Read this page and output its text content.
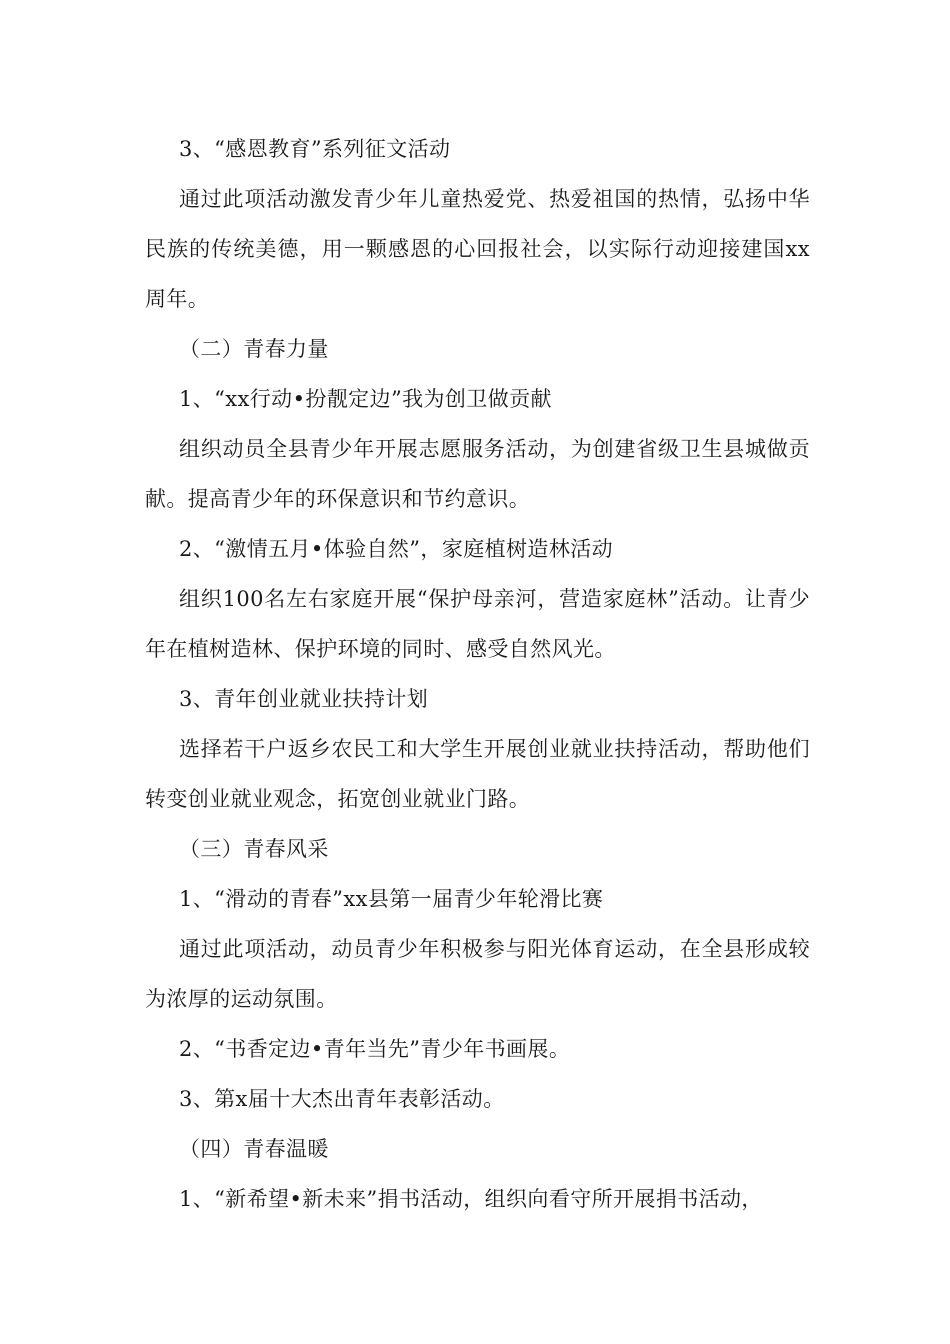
3、“感恩教育”系列征文活动

通过此项活动激发青少年儿童热爱党、热爱祖国的热情，弘扬中华民族的传统美德，用一颗感恩的心回报社会，以实际行动迎接建国xx周年。

（二）青春力量

1、“xx行动•扮靓定边”我为创卫做贡献

组织动员全县青少年开展志愿服务活动，为创建省级卫生县城做贡献。提高青少年的环保意识和节约意识。

2、“激情五月•体验自然”，家庭植树造林活动

组织100名左右家庭开展“保护母亲河，营造家庭林”活动。让青少年在植树造林、保护环境的同时、感受自然风光。

3、青年创业就业扶持计划

选择若干户返乡农民工和大学生开展创业就业扶持活动，帮助他们转变创业就业观念，拓宽创业就业门路。

（三）青春风采

1、“滑动的青春”xx县第一届青少年轮滑比赛

通过此项活动，动员青少年积极参与阳光体育运动，在全县形成较为浓厚的运动氛围。

2、“书香定边•青年当先”青少年书画展。

3、第x届十大杰出青年表彰活动。

（四）青春温暖

1、“新希望•新未来”捐书活动，组织向看守所开展捐书活动，
